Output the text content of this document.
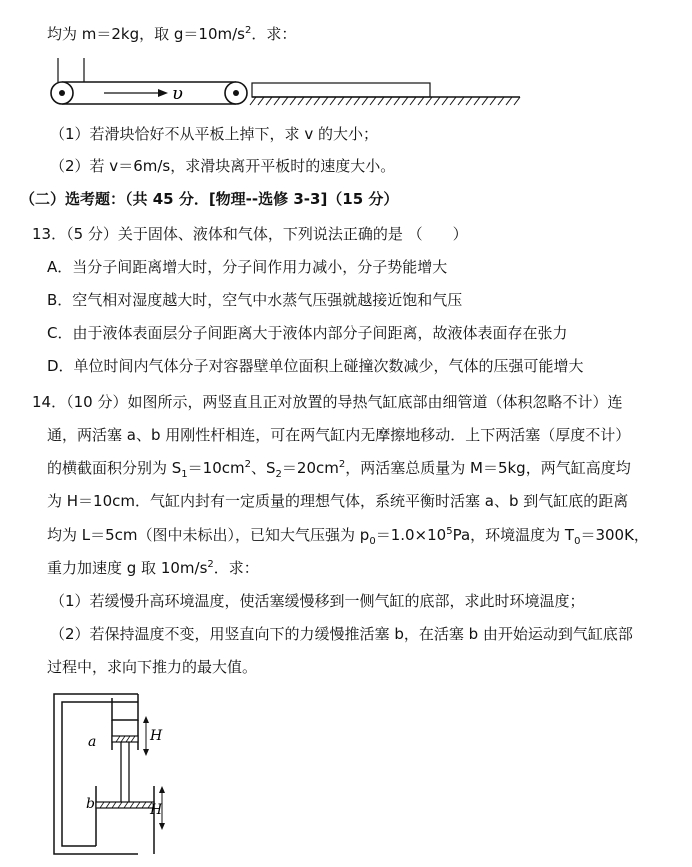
均为 m＝2kg，取 $g=10m/s^2$．求：
υ
（1）若滑块恰好不从平板上掉下，求 v 的大小；
（2）若 v＝6m/s，求滑块离开平板时的速度大小。
（二）选考题：（共 45 分．[物理‑‑选修 3‑3]（15 分）
13．（5 分）关于固体、液体和气体，下列说法正确的是 （　　）
A．当分子间距离增大时，分子间作用力减小，分子势能增大
B．空气相对湿度越大时，空气中水蒸气压强就越接近饱和气压
C．由于液体表面层分子间距离大于液体内部分子间距离，故液体表面存在张力
D．单位时间内气体分子对容器壁单位面积上碰撞次数减少，气体的压强可能增大
14．（10 分）如图所示，两竖直且正对放置的导热气缸底部由细管道（体积忽略不计）连
通，两活塞 a、b 用刚性杆相连，可在两气缸内无摩擦地移动．上下两活塞（厚度不计）
的横截面积分别为 $S_1=10cm^2$、$S_2=20cm^2$，两活塞总质量为 M＝5kg，两气缸高度均
为 H＝10cm．气缸内封有一定质量的理想气体，系统平衡时活塞 a、b 到气缸底的距离
均为 L＝5cm（图中未标出），已知大气压强为 $p_0=1.0\times 10^5Pa$，环境温度为 $T_0=300K$，
重力加速度 g 取 $10m/s^2$．求：
（1）若缓慢升高环境温度，使活塞缓慢移到一侧气缸的底部，求此时环境温度；
（2）若保持温度不变，用竖直向下的力缓慢推活塞 b，在活塞 b 由开始运动到气缸底部
过程中，求向下推力的最大值。
a
b
H
H
